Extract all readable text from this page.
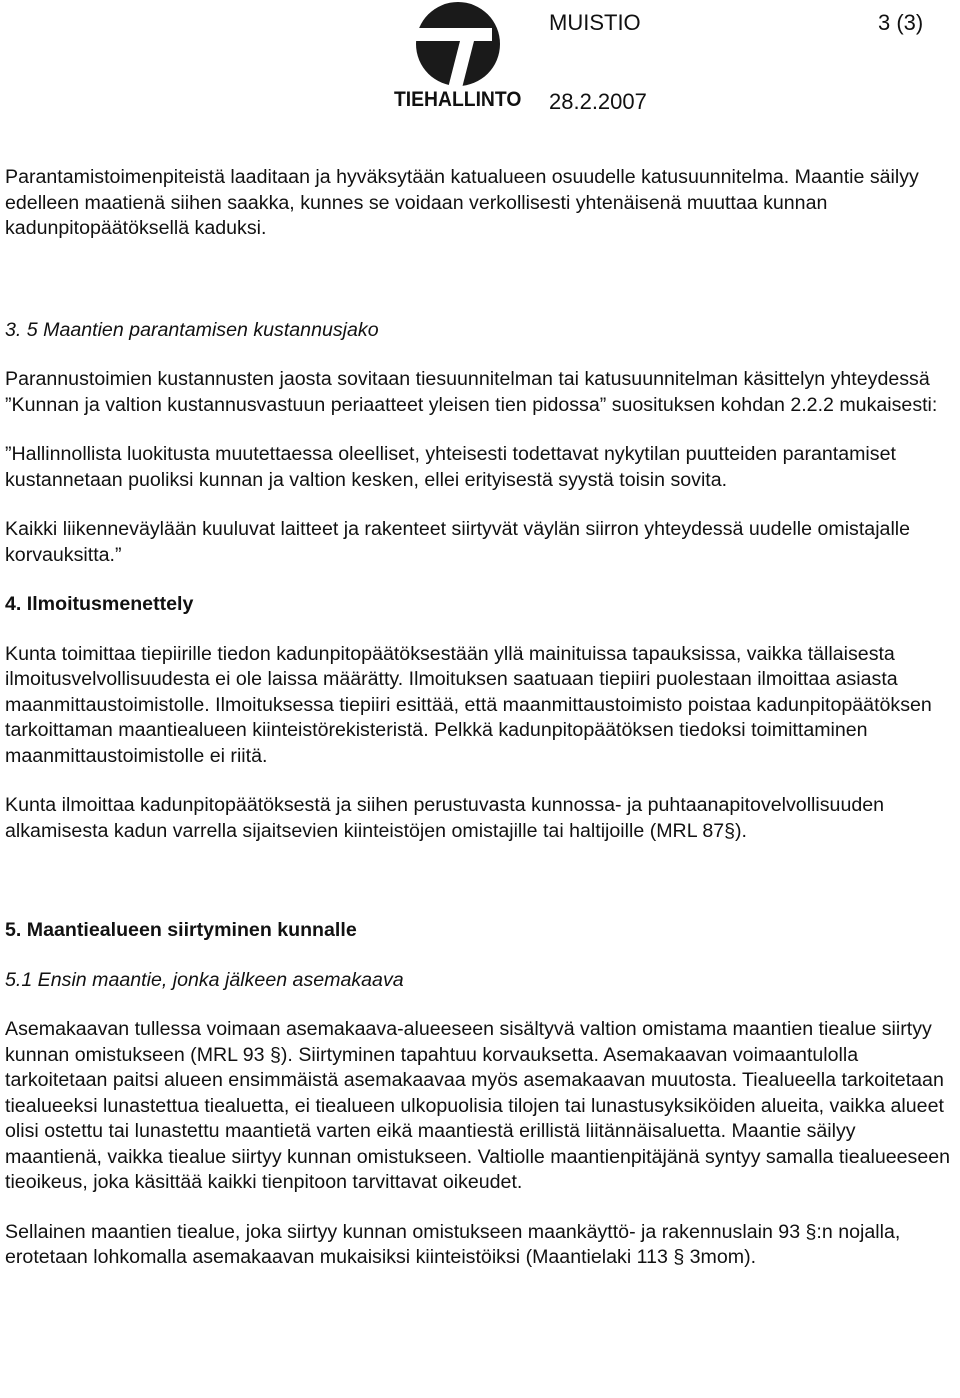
TIEHALLINTO
MUISTIO	3 (3)
28.2.2007

Parantamistoimenpiteistä laaditaan ja hyväksytään katualueen osuudelle katusuunnitelma. Maantie säilyy edelleen maatienä siihen saakka, kunnes se voidaan verkollisesti yhtenäisenä muuttaa kunnan kadunpitopäätöksellä kaduksi.

3. 5 Maantien parantamisen kustannusjako

Parannustoimien kustannusten jaosta sovitaan tiesuunnitelman tai katusuunnitelman käsittelyn yhteydessä ”Kunnan ja valtion kustannusvastuun periaatteet yleisen tien pidossa” suosituksen kohdan 2.2.2 mukaisesti:

”Hallinnollista luokitusta muutettaessa oleelliset, yhteisesti todettavat nykytilan puutteiden parantamiset kustannetaan puoliksi kunnan ja valtion kesken, ellei erityisestä syystä toisin sovita.

Kaikki liikenneväylään kuuluvat laitteet ja rakenteet siirtyvät väylän siirron yhteydessä uudelle omistajalle korvauksitta.”

4. Ilmoitusmenettely

Kunta toimittaa tiepiirille tiedon kadunpitopäätöksestään yllä mainituissa tapauksissa, vaikka tällaisesta ilmoitusvelvollisuudesta ei ole laissa määrätty. Ilmoituksen saatuaan tiepiiri puolestaan ilmoittaa asiasta maanmittaustoimistolle. Ilmoituksessa tiepiiri esittää, että maanmittaustoimisto poistaa kadunpitopäätöksen tarkoittaman maantiealueen kiinteistörekisteristä. Pelkkä kadunpitopäätöksen tiedoksi toimittaminen maanmittaustoimistolle ei riitä.

Kunta ilmoittaa kadunpitopäätöksestä ja siihen perustuvasta kunnossa- ja puhtaanapitovelvollisuuden alkamisesta kadun varrella sijaitsevien kiinteistöjen omistajille tai haltijoille (MRL 87§).

5. Maantiealueen siirtyminen kunnalle

5.1 Ensin maantie, jonka jälkeen asemakaava

Asemakaavan tullessa voimaan asemakaava-alueeseen sisältyvä valtion omistama maantien tiealue siirtyy kunnan omistukseen (MRL 93 §). Siirtyminen tapahtuu korvauksetta. Asemakaavan voimaantulolla tarkoitetaan paitsi alueen ensimmäistä asemakaavaa myös asemakaavan muutosta. Tiealueella tarkoitetaan tiealueeksi lunastettua tiealuetta, ei tiealueen ulkopuolisia tilojen tai lunastusyksiköiden alueita, vaikka alueet olisi ostettu tai lunastettu maantietä varten eikä maantiestä erillistä liitännäisaluetta. Maantie säilyy maantienä, vaikka tiealue siirtyy kunnan omistukseen. Valtiolle maantienpitäjänä syntyy samalla tiealueeseen tieoikeus, joka käsittää kaikki tienpitoon tarvittavat oikeudet.

Sellainen maantien tiealue, joka siirtyy kunnan omistukseen maankäyttö- ja rakennuslain 93 §:n nojalla, erotetaan lohkomalla asemakaavan mukaisiksi kiinteistöiksi (Maantielaki 113 § 3mom).
